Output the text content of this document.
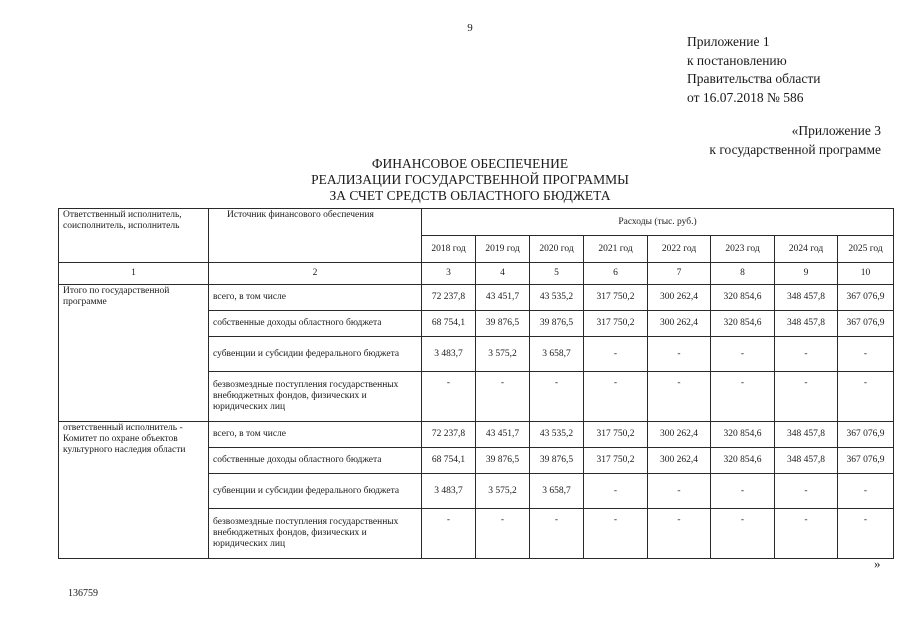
9
Приложение 1
к постановлению
Правительства области
от 16.07.2018 № 586
«Приложение 3
к государственной программе
ФИНАНСОВОЕ ОБЕСПЕЧЕНИЕ
РЕАЛИЗАЦИИ ГОСУДАРСТВЕННОЙ ПРОГРАММЫ
ЗА СЧЕТ СРЕДСТВ ОБЛАСТНОГО БЮДЖЕТА
Ответственный исполнитель, соисполнитель, исполнитель	Источник финансового обеспечения	Расходы (тыс. руб.)							
		2018 год	2019 год	2020 год	2021 год	2022 год	2023 год	2024 год	2025 год
1	2	3	4	5	6	7	8	9	10
Итого по государственной программе	всего, в том числе	72 237,8	43 451,7	43 535,2	317 750,2	300 262,4	320 854,6	348 457,8	367 076,9
	собственные доходы областного бюджета	68 754,1	39 876,5	39 876,5	317 750,2	300 262,4	320 854,6	348 457,8	367 076,9
	субвенции и субсидии федерального бюджета	3 483,7	3 575,2	3 658,7	-	-	-	-	-
	безвозмездные поступления государственных внебюджетных фондов, физических и юридических лиц	-	-	-	-	-	-	-	-
ответственный исполнитель - Комитет по охране объектов культурного наследия области	всего, в том числе	72 237,8	43 451,7	43 535,2	317 750,2	300 262,4	320 854,6	348 457,8	367 076,9
	собственные доходы областного бюджета	68 754,1	39 876,5	39 876,5	317 750,2	300 262,4	320 854,6	348 457,8	367 076,9
	субвенции и субсидии федерального бюджета	3 483,7	3 575,2	3 658,7	-	-	-	-	-
	безвозмездные поступления государственных внебюджетных фондов, физических и юридических лиц	-	-	-	-	-	-	-	-
»
136759
